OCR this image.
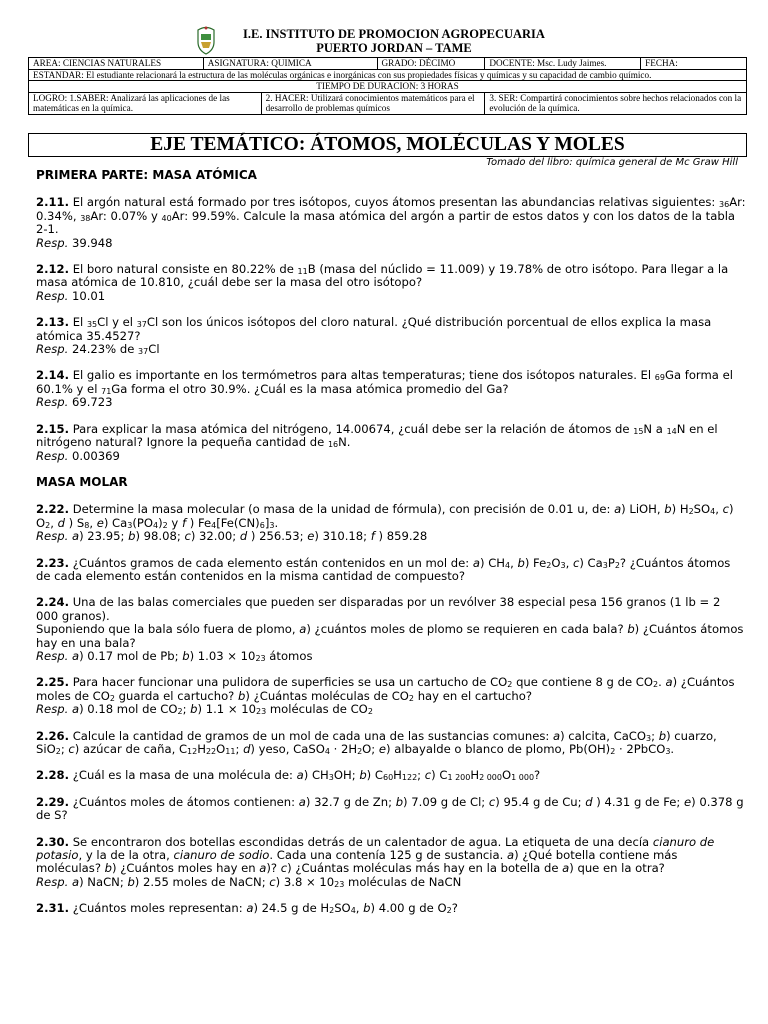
I.E. INSTITUTO DE PROMOCION AGROPECUARIA
PUERTO JORDAN – TAME
AREA: CIENCIAS NATURALES	ASIGNATURA: QUIMICA		GRADO: DÉCIMO	DOCENTE: Msc. Ludy Jaimes.	FECHA:
ESTANDAR: El estudiante relacionará la estructura de las moléculas orgánicas e inorgánicas con sus propiedades físicas y químicas y su capacidad de cambio químico.					
TIEMPO DE DURACION: 3 HORAS					
LOGRO: 1.SABER: Analizará las aplicaciones de las matemáticas en la química.		2. HACER: Utilizará conocimientos matemáticos para el desarrollo de problemas químicos		3. SER: Compartirá conocimientos sobre hechos relacionados con la evolución de la química.	
EJE TEMÁTICO: ÁTOMOS, MOLÉCULAS Y MOLES
Tomado del libro: química general de Mc Graw Hill
PRIMERA PARTE: MASA ATÓMICA

2.11. El argón natural está formado por tres isótopos, cuyos átomos presentan las abundancias relativas siguientes: $_{36}$Ar: 0.34%, $_{38}$Ar: 0.07% y $_{40}$Ar: 99.59%. Calcule la masa atómica del argón a partir de estos datos y con los datos de la tabla 2-1.

Resp. 39.948

2.12. El boro natural consiste en 80.22% de $_{11}$B (masa del núclido = 11.009) y 19.78% de otro isótopo. Para llegar a la masa atómica de 10.810, ¿cuál debe ser la masa del otro isótopo?

Resp. 10.01

2.13. El $_{35}$Cl y el $_{37}$Cl son los únicos isótopos del cloro natural. ¿Qué distribución porcentual de ellos explica la masa atómica 35.4527?

Resp. 24.23% de $_{37}$Cl

2.14. El galio es importante en los termómetros para altas temperaturas; tiene dos isótopos naturales. El $_{69}$Ga forma el 60.1% y el $_{71}$Ga forma el otro 30.9%. ¿Cuál es la masa atómica promedio del Ga?

Resp. 69.723

2.15. Para explicar la masa atómica del nitrógeno, 14.00674, ¿cuál debe ser la relación de átomos de $_{15}$N a $_{14}$N en el nitrógeno natural? Ignore la pequeña cantidad de $_{16}$N.

Resp. 0.00369

MASA MOLAR

2.22. Determine la masa molecular (o masa de la unidad de fórmula), con precisión de 0.01 u, de: a) LiOH, b) $H_2SO_4$, c) $O_2$, d ) $S_8$, e) $Ca_3(PO_4)_2$ y f ) $Fe_4[Fe(CN)_6]_3$.

Resp. a) 23.95; b) 98.08; c) 32.00; d ) 256.53; e) 310.18; f ) 859.28

2.23. ¿Cuántos gramos de cada elemento están contenidos en un mol de: a) $CH_4$, b) $Fe_2O_3$, c) $Ca_3P_2$? ¿Cuántos átomos de cada elemento están contenidos en la misma cantidad de compuesto?

2.24. Una de las balas comerciales que pueden ser disparadas por un revólver 38 especial pesa 156 granos (1 lb = 2 000 granos).
Suponiendo que la bala sólo fuera de plomo, a) ¿cuántos moles de plomo se requieren en cada bala? b) ¿Cuántos átomos hay en una bala?

Resp. a) 0.17 mol de Pb; b) $1.03 \times 10_{23}$ átomos

2.25. Para hacer funcionar una pulidora de superficies se usa un cartucho de $CO_2$ que contiene 8 g de $CO_2$. a) ¿Cuántos moles de $CO_2$ guarda el cartucho? b) ¿Cuántas moléculas de $CO_2$ hay en el cartucho?

Resp. a) 0.18 mol de $CO_2$; b) $1.1 \times 10_{23}$ moléculas de $CO_2$

2.26. Calcule la cantidad de gramos de un mol de cada una de las sustancias comunes: a) calcita, CaCO$_3$; b) cuarzo, SiO$_2$; c) azúcar de caña, $C_{12}H_{22}O_{11}$; d) yeso, CaSO$_4$ · $2H_2O$; e) albayalde o blanco de plomo, $Pb(OH)_2$ · 2PbCO$_3$.

2.28. ¿Cuál es la masa de una molécula de: a) $CH_3OH$; b) $C_{60}H_{122}$; c) $C_{1 200}H_{2 000}O_{1 000}$?

2.29. ¿Cuántos moles de átomos contienen: a) 32.7 g de Zn; b) 7.09 g de Cl; c) 95.4 g de Cu; d ) 4.31 g de Fe; e) 0.378 g de S?

2.30. Se encontraron dos botellas escondidas detrás de un calentador de agua. La etiqueta de una decía cianuro de potasio, y la de la otra, cianuro de sodio. Cada una contenía 125 g de sustancia. a) ¿Qué botella contiene más moléculas? b) ¿Cuántos moles hay en a)? c) ¿Cuántas moléculas más hay en la botella de a) que en la otra?

Resp. a) NaCN; b) 2.55 moles de NaCN; c) $3.8 \times 10_{23}$ moléculas de NaCN

2.31. ¿Cuántos moles representan: a) 24.5 g de $H_2SO_4$, b) 4.00 g de $O_2$?
